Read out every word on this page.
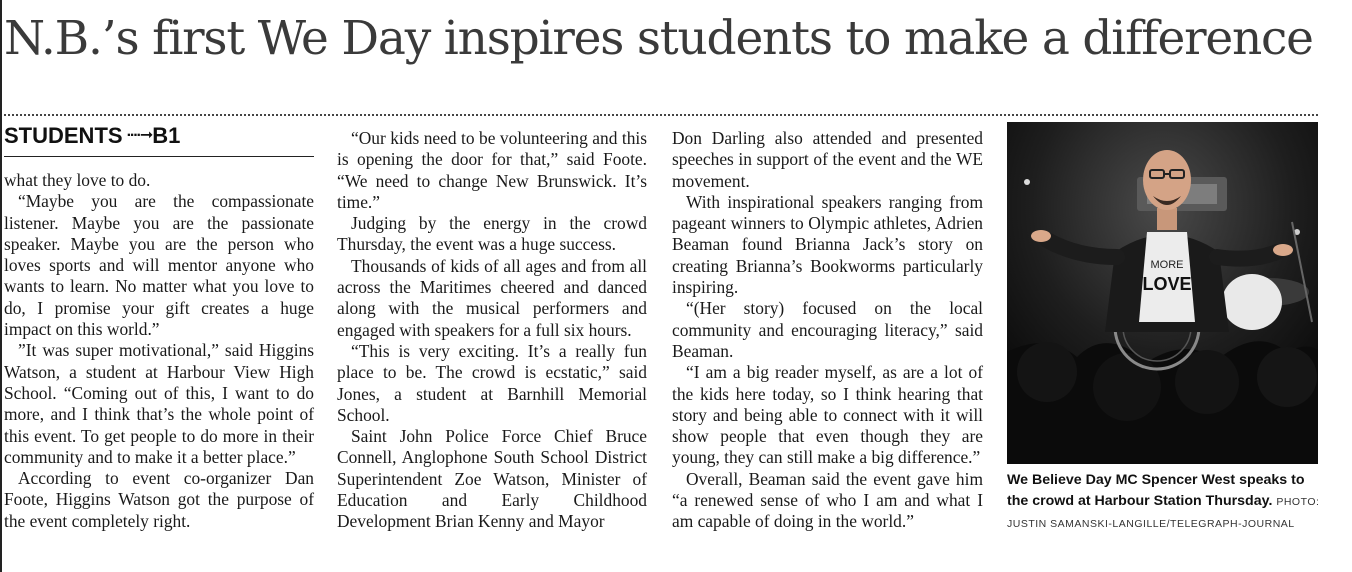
N.B.’s first We Day inspires students to make a difference
STUDENTS ····➞B1

what they love to do.

“Maybe you are the compassionate listener. Maybe you are the passionate speaker. Maybe you are the person who loves sports and will mentor anyone who wants to learn. No matter what you love to do, I promise your gift creates a huge impact on this world.”

”It was super motivational,” said Higgins Watson, a student at Harbour View High School. “Coming out of this, I want to do more, and I think that’s the whole point of this event. To get people to do more in their community and to make it a better place.”

According to event co-organizer Dan Foote, Higgins Watson got the purpose of the event completely right.

“Our kids need to be volunteering and this is opening the door for that,” said Foote. “We need to change New Brunswick. It’s time.”

Judging by the energy in the crowd Thursday, the event was a huge success.

Thousands of kids of all ages and from all across the Maritimes cheered and danced along with the musical performers and engaged with speakers for a full six hours.

“This is very exciting. It’s a really fun place to be. The crowd is ecstatic,” said Jones, a student at Barnhill Memorial School.

Saint John Police Force Chief Bruce Connell, Anglophone South School District Superintendent Zoe Watson, Minister of Education and Early Childhood Development Brian Kenny and Mayor

Don Darling also attended and presented speeches in support of the event and the WE movement.

With inspirational speakers ranging from pageant winners to Olympic athletes, Adrien Beaman found Brianna Jack’s story on creating Brianna’s Bookworms particularly inspiring.

“(Her story) focused on the local community and encouraging literacy,” said Beaman.

“I am a big reader myself, as are a lot of the kids here today, so I think hearing that story and being able to connect with it will show people that even though they are young, they can still make a big difference.”

Overall, Beaman said the event gave him “a renewed sense of who I am and what I am capable of doing in the world.”

MORE
LOVE
We Believe Day MC Spencer West speaks to the crowd at Harbour Station Thursday. PHOTO: JUSTIN SAMANSKI-LANGILLE/TELEGRAPH-JOURNAL
